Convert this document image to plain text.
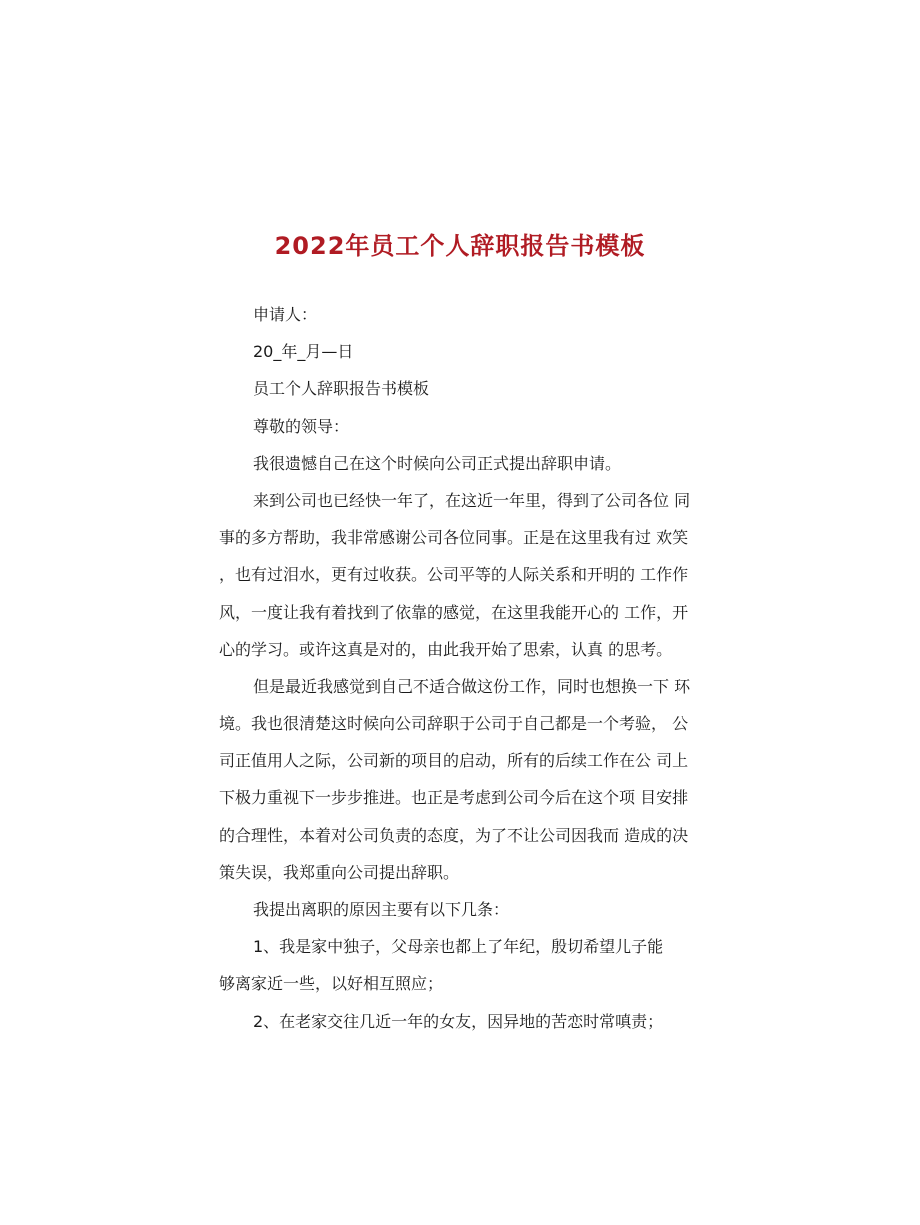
2022年员工个人辞职报告书模板
申请人：
20_年_月—日
员工个人辞职报告书模板
尊敬的领导：
我很遗憾自己在这个时候向公司正式提出辞职申请。
来到公司也已经快一年了，在这近一年里，得到了公司各位 同
事的多方帮助，我非常感谢公司各位同事。正是在这里我有过 欢笑
，也有过泪水，更有过收获。公司平等的人际关系和开明的 工作作
风，一度让我有着找到了依靠的感觉，在这里我能开心的 工作，开
心的学习。或许这真是对的，由此我开始了思索，认真 的思考。
但是最近我感觉到自己不适合做这份工作，同时也想换一下 环
境。我也很清楚这时候向公司辞职于公司于自己都是一个考验， 公
司正值用人之际，公司新的项目的启动，所有的后续工作在公 司上
下极力重视下一步步推进。也正是考虑到公司今后在这个项 目安排
的合理性，本着对公司负责的态度，为了不让公司因我而 造成的决
策失误，我郑重向公司提出辞职。
我提出离职的原因主要有以下几条：
1、我是家中独子，父母亲也都上了年纪，殷切希望儿子能
够离家近一些，以好相互照应；
2、在老家交往几近一年的女友，因异地的苦恋时常嗔责；
